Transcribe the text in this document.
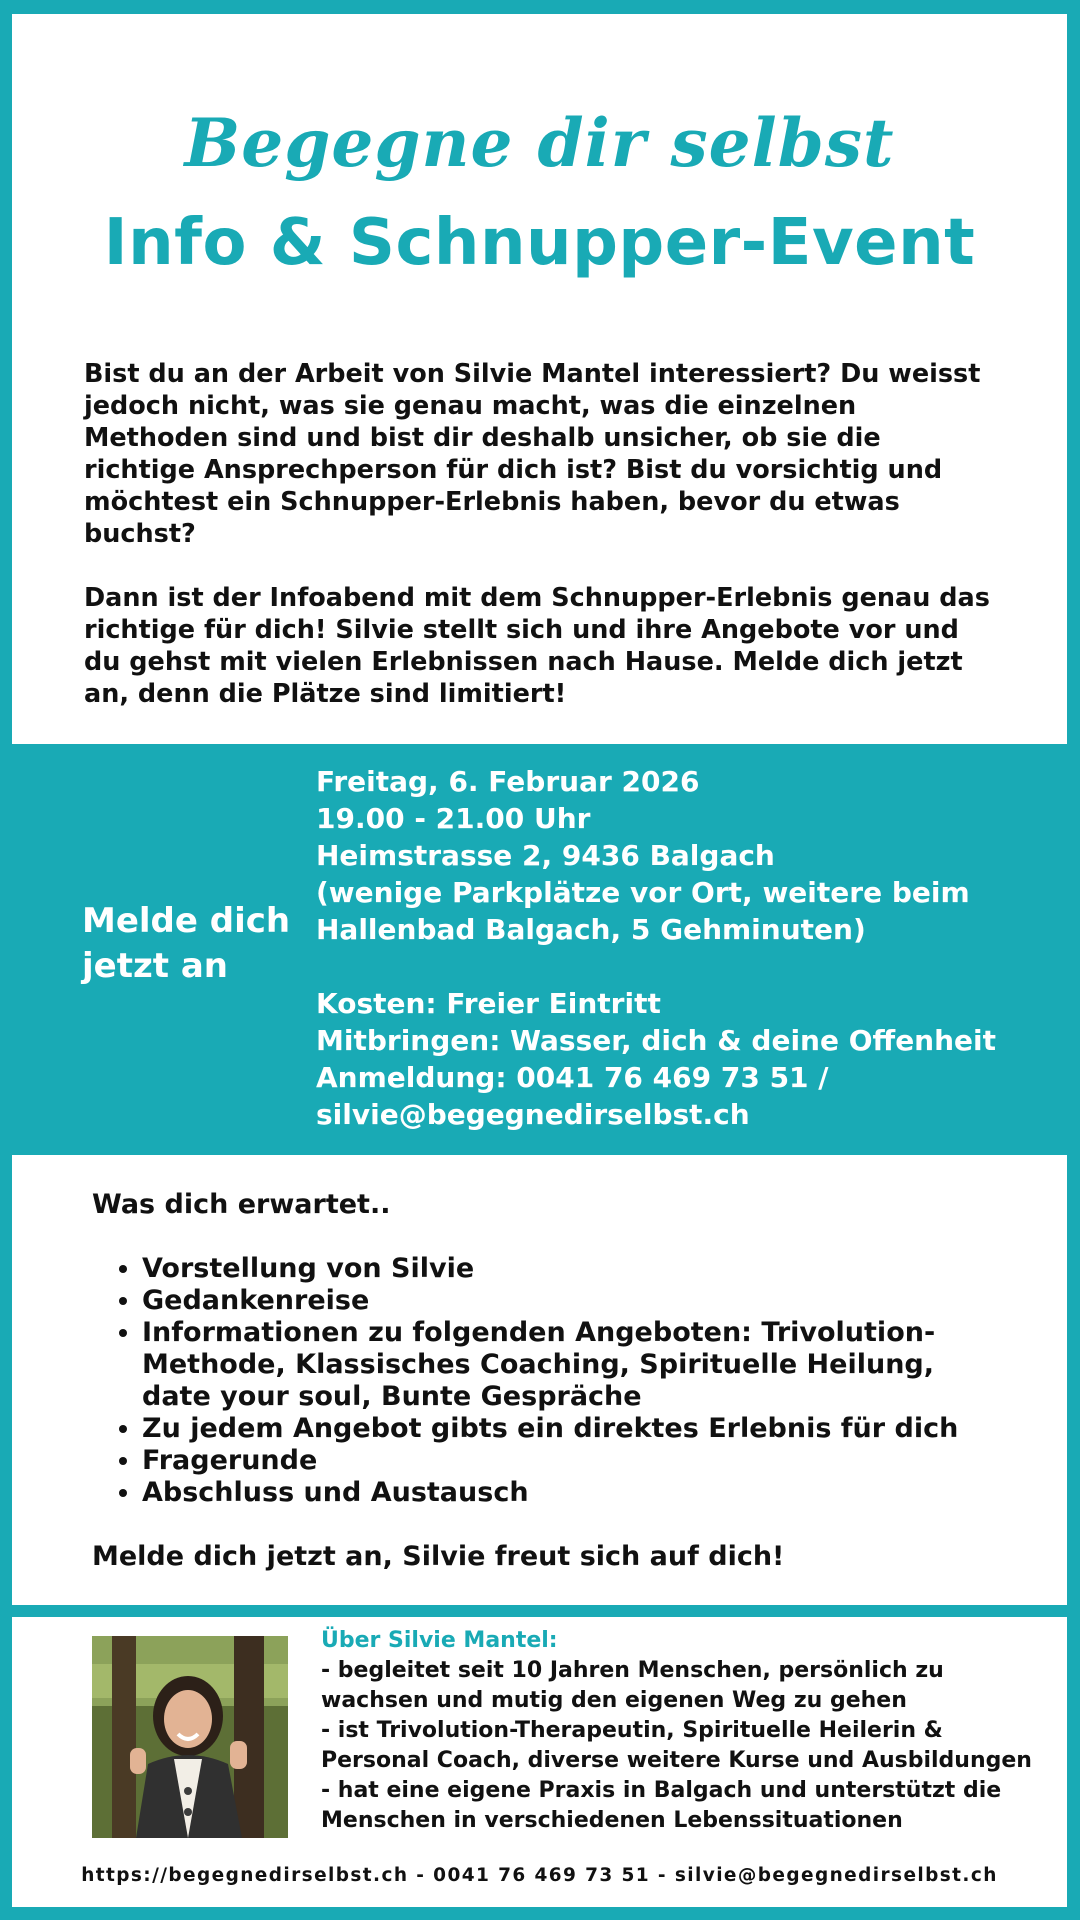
Begegne dir selbst
Info & Schnupper-Event

Bist du an der Arbeit von Silvie Mantel interessiert? Du weisst jedoch nicht, was sie genau macht, was die einzelnen Methoden sind und bist dir deshalb unsicher, ob sie die richtige Ansprechperson für dich ist? Bist du vorsichtig und möchtest ein Schnupper-Erlebnis haben, bevor du etwas buchst?

Dann ist der Infoabend mit dem Schnupper-Erlebnis genau das richtige für dich! Silvie stellt sich und ihre Angebote vor und du gehst mit vielen Erlebnissen nach Hause. Melde dich jetzt an, denn die Plätze sind limitiert!

Melde dich
jetzt an
Freitag, 6. Februar 2026
19.00 - 21.00 Uhr
Heimstrasse 2, 9436 Balgach
(wenige Parkplätze vor Ort, weitere beim
Hallenbad Balgach, 5 Gehminuten)
Kosten: Freier Eintritt
Mitbringen: Wasser, dich & deine Offenheit
Anmeldung: 0041 76 469 73 51 /
silvie@begegnedirselbst.ch

Was dich erwartet..

• Vorstellung von Silvie
• Gedankenreise
• Informationen zu folgenden Angeboten: Trivolution-Methode, Klassisches Coaching, Spirituelle Heilung, date your soul, Bunte Gespräche
• Zu jedem Angebot gibts ein direktes Erlebnis für dich
• Fragerunde
• Abschluss und Austausch

Melde dich jetzt an, Silvie freut sich auf dich!

Über Silvie Mantel:
- begleitet seit 10 Jahren Menschen, persönlich zu
wachsen und mutig den eigenen Weg zu gehen
- ist Trivolution-Therapeutin, Spirituelle Heilerin &
Personal Coach, diverse weitere Kurse und Ausbildungen
- hat eine eigene Praxis in Balgach und unterstützt die
Menschen in verschiedenen Lebenssituationen
https://begegnedirselbst.ch - 0041 76 469 73 51 - silvie@begegnedirselbst.ch
